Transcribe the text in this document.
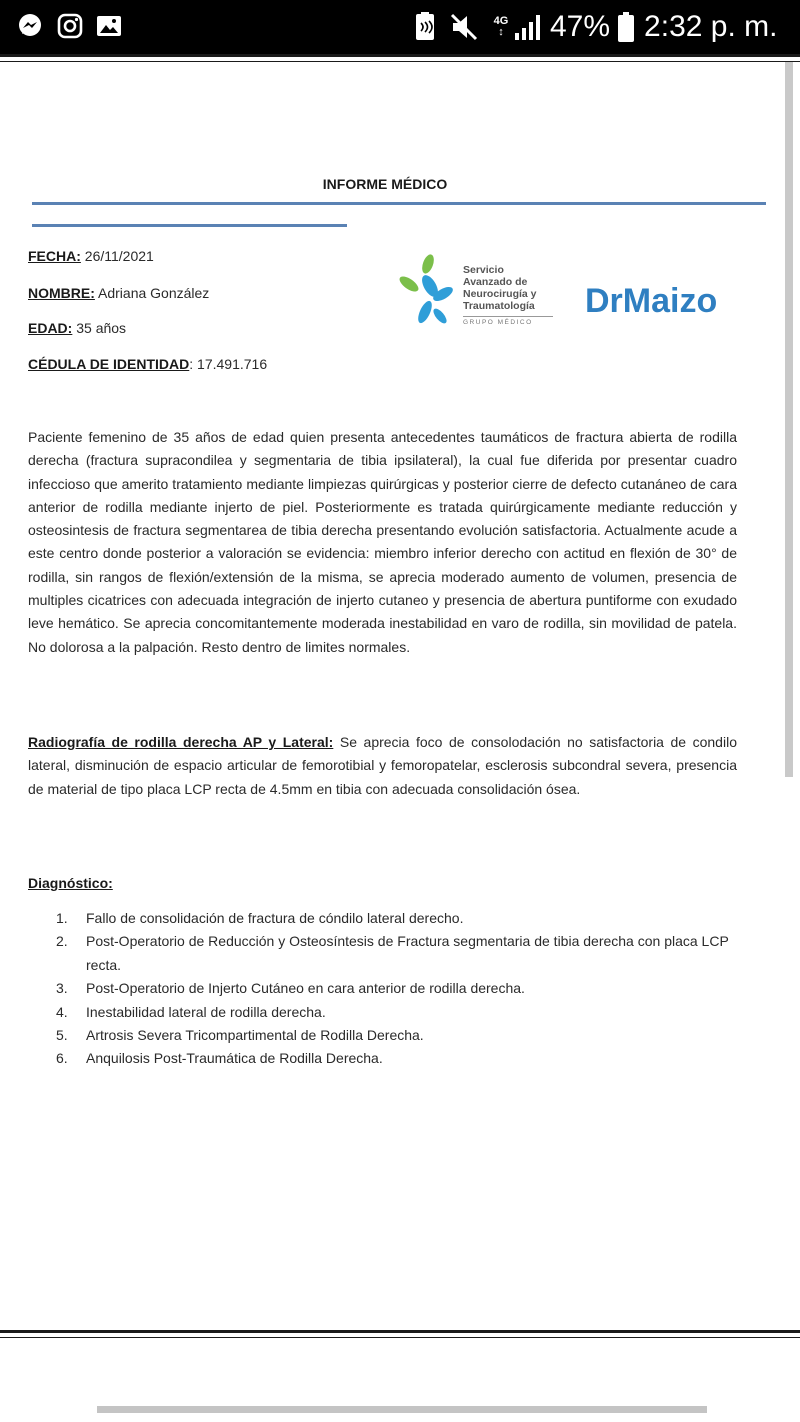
4G
↕ 47% 2:32 p. m.
INFORME MÉDICO
FECHA: 26/11/2021
NOMBRE: Adriana González
EDAD: 35 años
CÉDULA DE IDENTIDAD: 17.491.716
Servicio
Avanzado de
Neurocirugía y
Traumatología
GRUPO MÉDICO
DrMaizo
Paciente femenino de 35 años de edad quien presenta antecedentes taumáticos de fractura abierta de rodilla derecha (fractura supracondilea y segmentaria de tibia ipsilateral), la cual fue diferida por presentar cuadro infeccioso que amerito tratamiento mediante limpiezas quirúrgicas y posterior cierre de defecto cutanáneo de cara anterior de rodilla mediante injerto de piel. Posteriormente es tratada quirúrgicamente mediante reducción y osteosintesis de fractura segmentarea de tibia derecha presentando evolución satisfactoria. Actualmente acude a este centro donde posterior a valoración se evidencia: miembro inferior derecho con actitud en flexión de 30° de rodilla, sin rangos de flexión/extensión de la misma, se aprecia moderado aumento de volumen, presencia de multiples cicatrices con adecuada integración de injerto cutaneo y presencia de abertura puntiforme con exudado leve hemático. Se aprecia concomitantemente moderada inestabilidad en varo de rodilla, sin movilidad de patela. No dolorosa a la palpación. Resto dentro de limites normales.
Radiografía de rodilla derecha AP y Lateral: Se aprecia foco de consolodación no satisfactoria de condilo lateral, disminución de espacio articular de femorotibial y femoropatelar, esclerosis subcondral severa, presencia de material de tipo placa LCP recta de 4.5mm en tibia con adecuada consolidación ósea.
Diagnóstico:
1.	Fallo de consolidación de fractura de cóndilo lateral derecho.
2.	Post-Operatorio de Reducción y Osteosíntesis de Fractura segmentaria de tibia derecha con placa LCP recta.
3.	Post-Operatorio de Injerto Cutáneo en cara anterior de rodilla derecha.
4.	Inestabilidad lateral de rodilla derecha.
5.	Artrosis Severa Tricompartimental de Rodilla Derecha.
6.	Anquilosis Post-Traumática de Rodilla Derecha.
